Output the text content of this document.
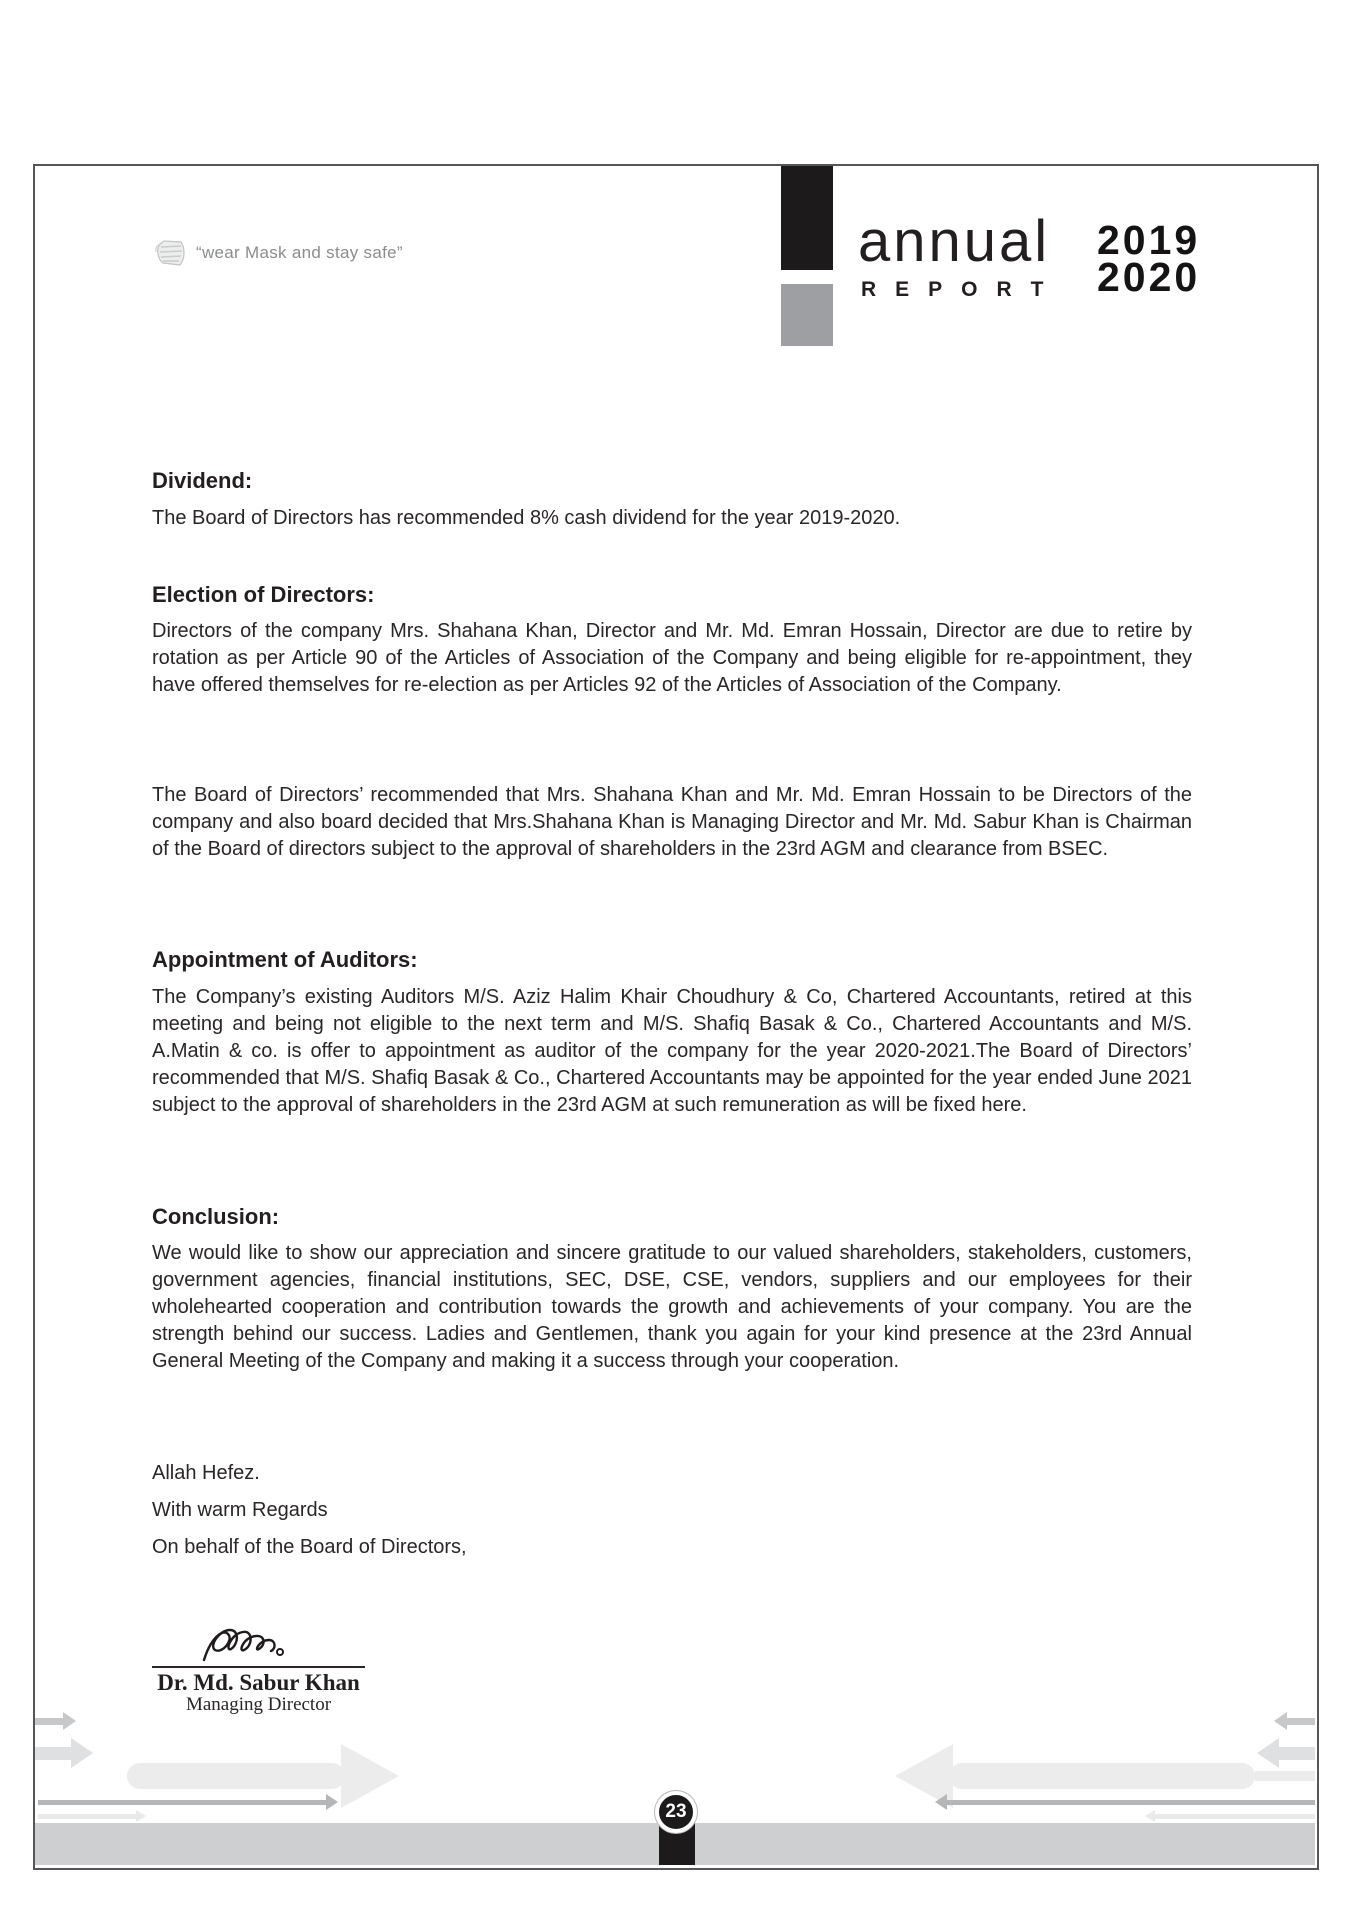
“wear Mask and stay safe”	annual
REPORT
2019
2020
Dividend:

The Board of Directors has recommended 8% cash dividend for the year 2019-2020.

Election of Directors:

Directors of the company Mrs. Shahana Khan, Director and Mr. Md. Emran Hossain, Director are due to retire by rotation as per Article 90 of the Articles of Association of the Company and being eligible for re-appointment, they have offered themselves for re-election as per Articles 92 of the Articles of Association of the Company.

The Board of Directors’ recommended that Mrs. Shahana Khan and Mr. Md. Emran Hossain to be Directors of the company and also board decided that Mrs.Shahana Khan is Managing Director and Mr. Md. Sabur Khan is Chairman of the Board of directors subject to the approval of shareholders in the 23rd AGM and clearance from BSEC.

Appointment of Auditors:

The Company’s existing Auditors M/S. Aziz Halim Khair Choudhury & Co, Chartered Accountants, retired at this meeting and being not eligible to the next term and M/S. Shafiq Basak & Co., Chartered Accountants and M/S. A.Matin & co. is offer to appointment as auditor of the company for the year 2020-2021.The Board of Directors’ recommended that M/S. Shafiq Basak & Co., Chartered Accountants may be appointed for the year ended June 2021 subject to the approval of shareholders in the 23rd AGM at such remuneration as will be fixed here.

Conclusion:

We would like to show our appreciation and sincere gratitude to our valued shareholders, stakeholders, customers, government agencies, financial institutions, SEC, DSE, CSE, vendors, suppliers and our employees for their wholehearted cooperation and contribution towards the growth and achievements of your company. You are the strength behind our success. Ladies and Gentlemen, thank you again for your kind presence at the 23rd Annual General Meeting of the Company and making it a success through your cooperation.

Allah Hefez.
With warm Regards
On behalf of the Board of Directors,
Dr. Md. Sabur Khan
Managing Director
23
